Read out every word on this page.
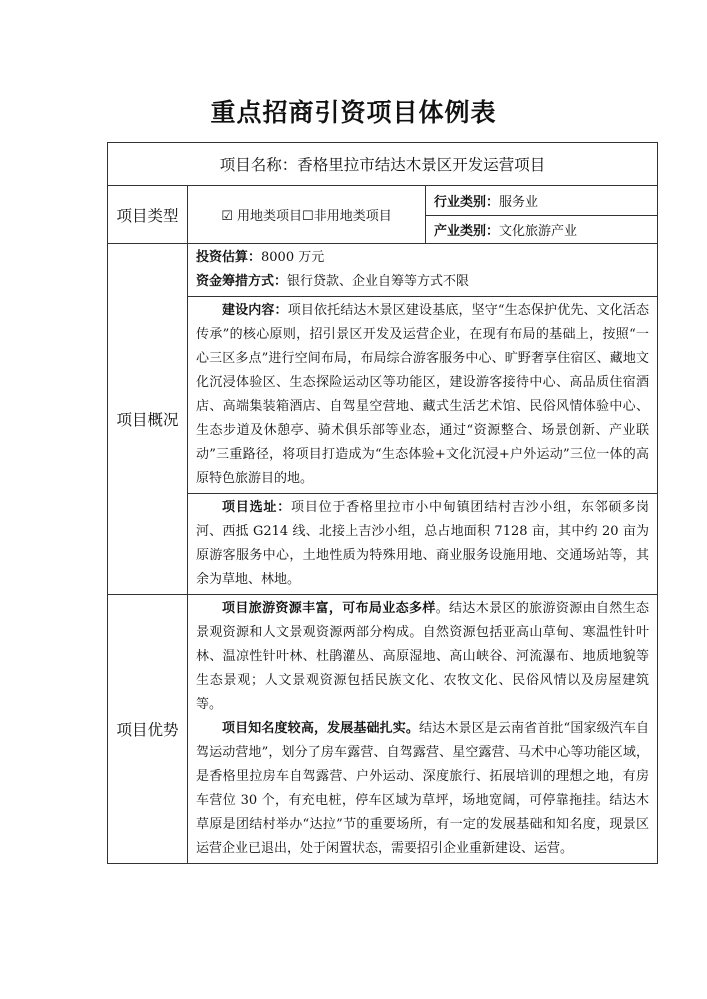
重点招商引资项目体例表
项目名称：香格里拉市结达木景区开发运营项目		
项目类型	☑ 用地类项目☐非用地类项目	行业类别：服务业
		产业类别：文化旅游产业
项目概况	投资估算：8000 万元
资金筹措方式：银行贷款、企业自筹等方式不限	

	建设内容：项目依托结达木景区建设基底，坚守“生态保护优先、文化活态传承”的核心原则，招引景区开发及运营企业，在现有布局的基础上，按照“一心三区多点”进行空间布局，布局综合游客服务中心、旷野奢享住宿区、藏地文化沉浸体验区、生态探险运动区等功能区，建设游客接待中心、高品质住宿酒店、高端集装箱酒店、自驾星空营地、藏式生活艺术馆、民俗风情体验中心、生态步道及休憩亭、骑术俱乐部等业态，通过“资源整合、场景创新、产业联动”三重路径，将项目打造成为“生态体验+文化沉浸+户外运动”三位一体的高原特色旅游目的地。	

	项目选址：项目位于香格里拉市小中甸镇团结村吉沙小组，东邻硕多岗河、西抵 G214 线、北接上吉沙小组，总占地面积 7128 亩，其中约 20 亩为原游客服务中心，土地性质为特殊用地、商业服务设施用地、交通场站等，其余为草地、林地。	

项目优势	项目旅游资源丰富，可布局业态多样。结达木景区的旅游资源由自然生态景观资源和人文景观资源两部分构成。自然资源包括亚高山草甸、寒温性针叶林、温凉性针叶林、杜鹃灌丛、高原湿地、高山峡谷、河流瀑布、地质地貌等生态景观；人文景观资源包括民族文化、农牧文化、民俗风情以及房屋建筑等。

项目知名度较高，发展基础扎实。结达木景区是云南省首批“国家级汽车自驾运动营地”，划分了房车露营、自驾露营、星空露营、马术中心等功能区域，是香格里拉房车自驾露营、户外运动、深度旅行、拓展培训的理想之地，有房车营位 30 个，有充电桩，停车区域为草坪，场地宽阔，可停靠拖挂。结达木草原是团结村举办“达拉”节的重要场所，有一定的发展基础和知名度，现景区运营企业已退出，处于闲置状态，需要招引企业重新建设、运营。	
